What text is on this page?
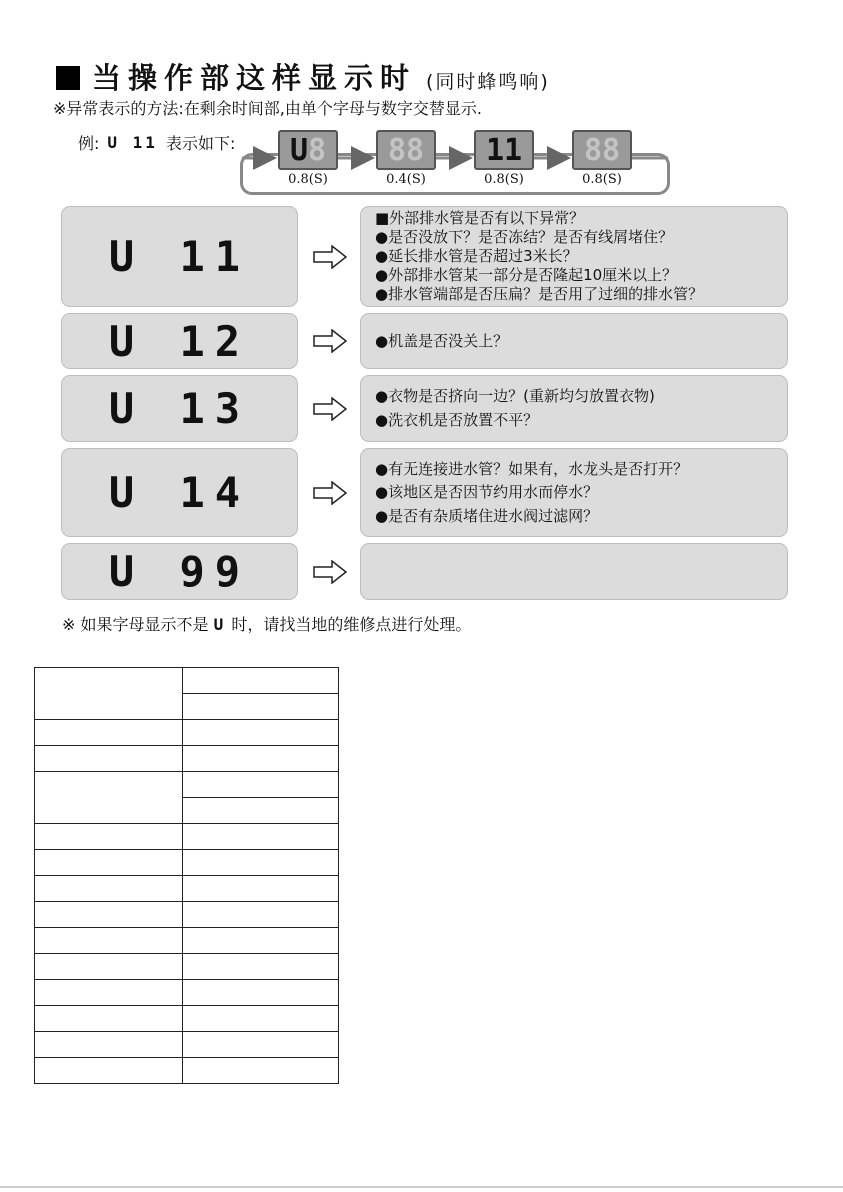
当操作部这样显示时 (同时蜂鸣响)
※异常表示的方法:在剩余时间部,由单个字母与数字交替显示.
例: U 11 表示如下: U 8
0.8(S)
88
0.4(S)
11
0.8(S)
88
0.8(S)
U 11
■外部排水管是否有以下异常？
●是否没放下？是否冻结？是否有线屑堵住？
●延长排水管是否超过3米长？
●外部排水管某一部分是否隆起10厘米以上？
●排水管端部是否压扁？是否用了过细的排水管？
U 12	●机盖是否没关上？
U 13	●衣物是否挤向一边？(重新均匀放置衣物)
●洗衣机是否放置不平？
U 14	●有无连接进水管？如果有，水龙头是否打开？
●该地区是否因节约用水而停水？
●是否有杂质堵住进水阀过滤网？
U 99
※ 如果字母显示不是 U 时，请找当地的维修点进行处理。
